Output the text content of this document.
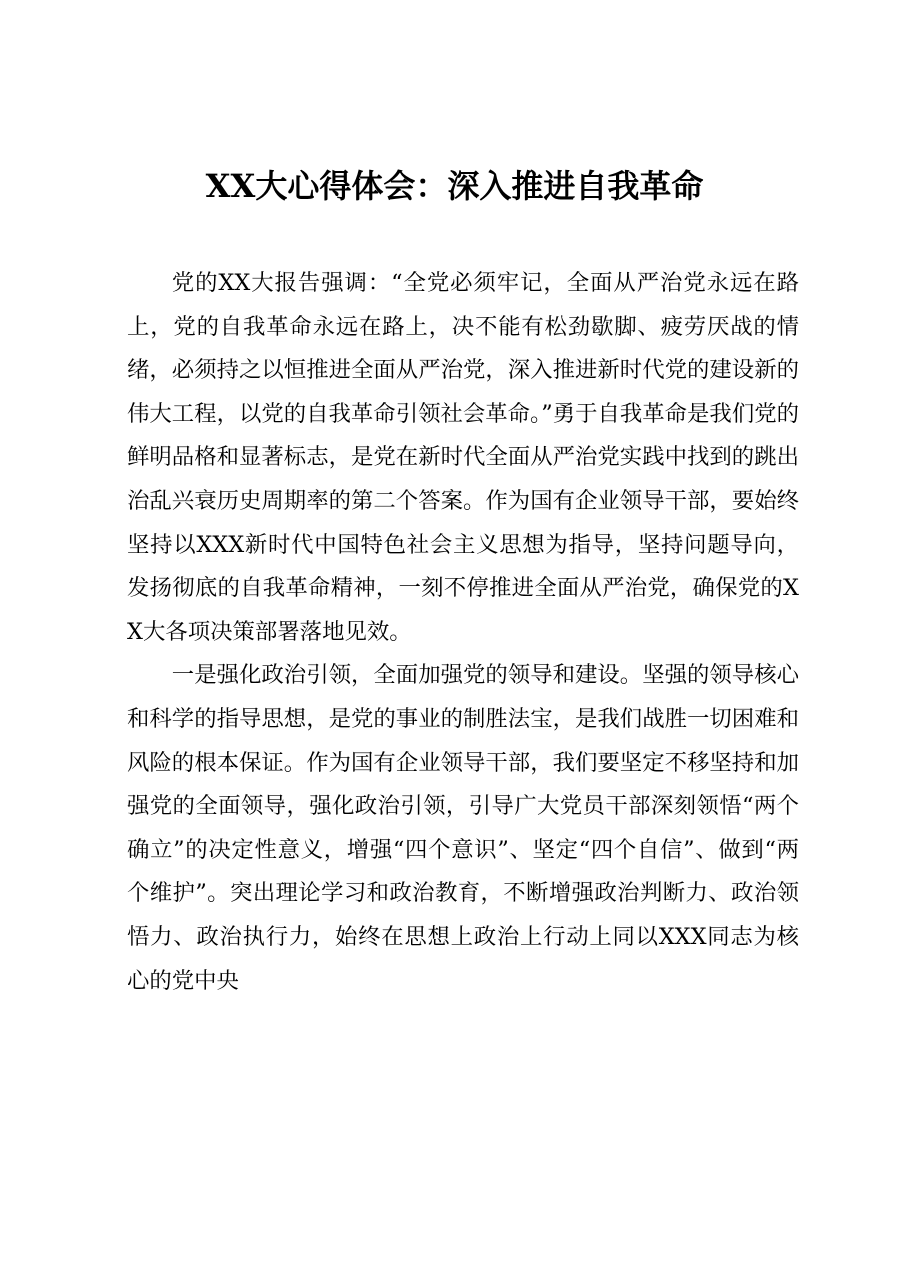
XX大心得体会：深入推进自我革命

党的XX大报告强调：“全党必须牢记，全面从严治党永远在路上，党的自我革命永远在路上，决不能有松劲歇脚、疲劳厌战的情绪，必须持之以恒推进全面从严治党，深入推进新时代党的建设新的伟大工程，以党的自我革命引领社会革命。”勇于自我革命是我们党的鲜明品格和显著标志，是党在新时代全面从严治党实践中找到的跳出治乱兴衰历史周期率的第二个答案。作为国有企业领导干部，要始终坚持以XXX新时代中国特色社会主义思想为指导，坚持问题导向，发扬彻底的自我革命精神，一刻不停推进全面从严治党，确保党的XX大各项决策部署落地见效。

一是强化政治引领，全面加强党的领导和建设。坚强的领导核心和科学的指导思想，是党的事业的制胜法宝，是我们战胜一切困难和风险的根本保证。作为国有企业领导干部，我们要坚定不移坚持和加强党的全面领导，强化政治引领，引导广大党员干部深刻领悟“两个确立”的决定性意义，增强“四个意识”、坚定“四个自信”、做到“两个维护”。突出理论学习和政治教育，不断增强政治判断力、政治领悟力、政治执行力，始终在思想上政治上行动上同以XXX同志为核心的党中央
